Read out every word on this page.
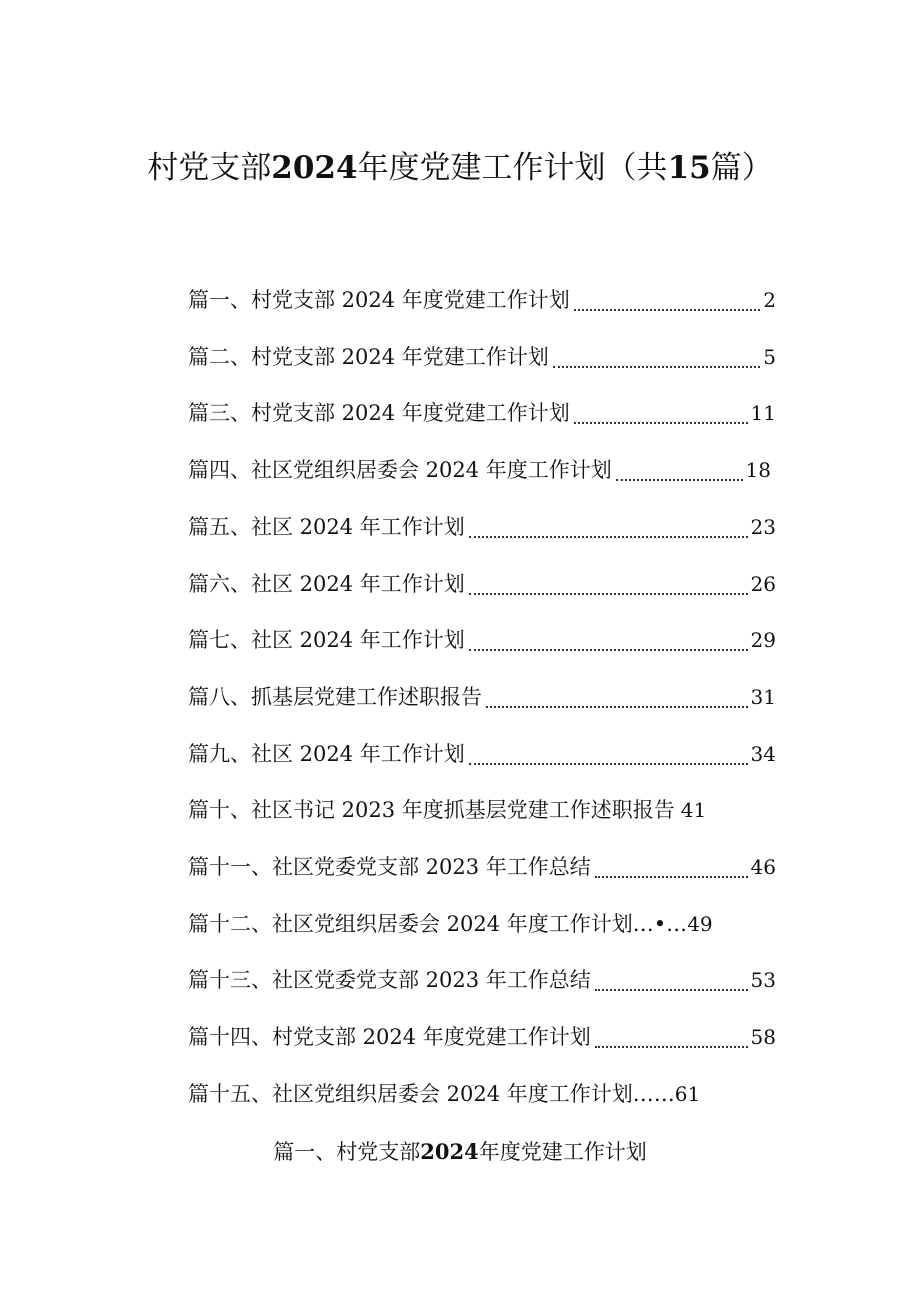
村党支部2024年度党建工作计划（共15篇）
篇一、村党支部 2024 年度党建工作计划	2
篇二、村党支部 2024 年党建工作计划	5
篇三、村党支部 2024 年度党建工作计划	11
篇四、社区党组织居委会 2024 年度工作计划	18
篇五、社区 2024 年工作计划	23
篇六、社区 2024 年工作计划	26
篇七、社区 2024 年工作计划	29
篇八、抓基层党建工作述职报告	31
篇九、社区 2024 年工作计划	34
篇十、社区书记 2023 年度抓基层党建工作述职报告 41
篇十一、社区党委党支部 2023 年工作总结	46
篇十二、社区党组织居委会 2024 年度工作计划…•… 49
篇十三、社区党委党支部 2023 年工作总结	53
篇十四、村党支部 2024 年度党建工作计划	58
篇十五、社区党组织居委会 2024 年度工作计划…… 61
篇一、村党支部2024年度党建工作计划
